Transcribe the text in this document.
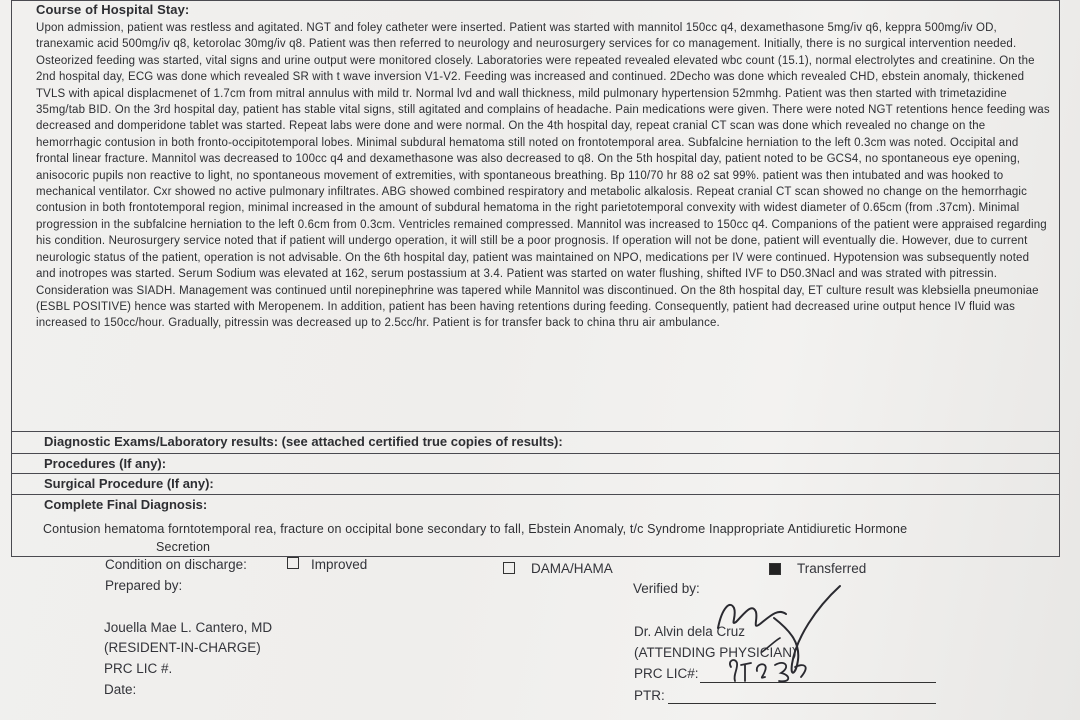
Course of Hospital Stay:
Upon admission, patient was restless and agitated. NGT and foley catheter were inserted. Patient was started with mannitol 150cc q4, dexamethasone 5mg/iv q6, keppra 500mg/iv OD, tranexamic acid 500mg/iv q8, ketorolac 30mg/iv q8. Patient was then referred to neurology and neurosurgery services for co management. Initially, there is no surgical intervention needed. Osteorized feeding was started, vital signs and urine output were monitored closely. Laboratories were repeated revealed elevated wbc count (15.1), normal electrolytes and creatinine. On the 2nd hospital day, ECG was done which revealed SR with t wave inversion V1-V2. Feeding was increased and continued. 2Decho was done which revealed CHD, ebstein anomaly, thickened TVLS with apical displacmenet of 1.7cm from mitral annulus with mild tr. Normal lvd and wall thickness, mild pulmonary hypertension 52mmhg. Patient was then started with trimetazidine 35mg/tab BID. On the 3rd hospital day, patient has stable vital signs, still agitated and complains of headache. Pain medications were given. There were noted NGT retentions hence feeding was decreased and domperidone tablet was started. Repeat labs were done and were normal. On the 4th hospital day, repeat cranial CT scan was done which revealed no change on the hemorrhagic contusion in both fronto-occipitotemporal lobes. Minimal subdural hematoma still noted on frontotemporal area. Subfalcine herniation to the left 0.3cm was noted. Occipital and frontal linear fracture. Mannitol was decreased to 100cc q4 and dexamethasone was also decreased to q8. On the 5th hospital day, patient noted to be GCS4, no spontaneous eye opening, anisocoric pupils non reactive to light, no spontaneous movement of extremities, with spontaneous breathing. Bp 110/70 hr 88 o2 sat 99%. patient was then intubated and was hooked to mechanical ventilator. Cxr showed no active pulmonary infiltrates. ABG showed combined respiratory and metabolic alkalosis. Repeat cranial CT scan showed no change on the hemorrhagic contusion in both frontotemporal region, minimal increased in the amount of subdural hematoma in the right parietotemporal convexity with widest diameter of 0.65cm (from .37cm). Minimal progression in the subfalcine herniation to the left 0.6cm from 0.3cm. Ventricles remained compressed. Mannitol was increased to 150cc q4. Companions of the patient were appraised regarding his condition. Neurosurgery service noted that if patient will undergo operation, it will still be a poor prognosis. If operation will not be done, patient will eventually die. However, due to current neurologic status of the patient, operation is not advisable. On the 6th hospital day, patient was maintained on NPO, medications per IV were continued. Hypotension was subsequently noted and inotropes was started. Serum Sodium was elevated at 162, serum postassium at 3.4. Patient was started on water flushing, shifted IVF to D50.3Nacl and was strated with pitressin. Consideration was SIADH. Management was continued until norepinephrine was tapered while Mannitol was discontinued. On the 8th hospital day, ET culture result was klebsiella pneumoniae (ESBL POSITIVE) hence was started with Meropenem. In addition, patient has been having retentions during feeding. Consequently, patient had decreased urine output hence IV fluid was increased to 150cc/hour. Gradually, pitressin was decreased up to 2.5cc/hr. Patient is for transfer back to china thru air ambulance.
Diagnostic Exams/Laboratory results: (see attached certified true copies of results):
Procedures (If any):
Surgical Procedure (If any):
Complete Final Diagnosis:
Contusion hematoma forntotemporal rea, fracture on occipital bone secondary to fall, Ebstein Anomaly, t/c Syndrome Inappropriate Antidiuretic Hormone
Secretion
Condition on discharge:	Improved	DAMA/HAMA	Transferred
Prepared by:
Jouella Mae L. Cantero, MD
(RESIDENT-IN-CHARGE)
PRC LIC #.
Date:
Verified by:
Dr. Alvin dela Cruz
(ATTENDING PHYSICIAN)
PRC LIC#:
PTR:
